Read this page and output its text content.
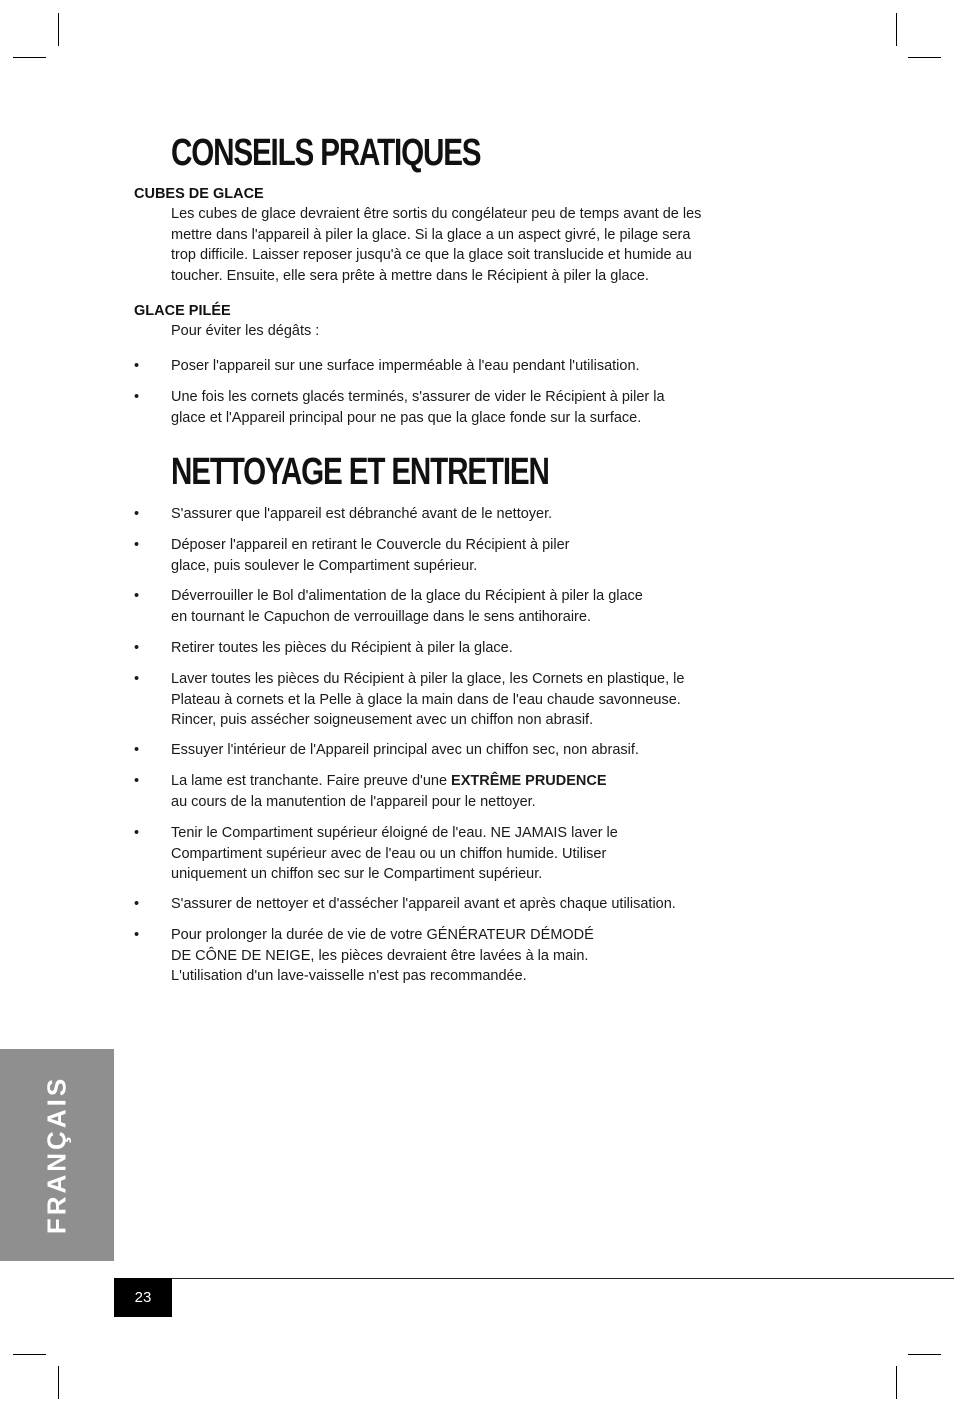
CONSEILS PRATIQUES
CUBES DE GLACE
Les cubes de glace devraient être sortis du congélateur peu de temps avant de les
mettre dans l'appareil à piler la glace. Si la glace a un aspect givré, le pilage sera
trop difficile. Laisser reposer jusqu'à ce que la glace soit translucide et humide au
toucher. Ensuite, elle sera prête à mettre dans le Récipient à piler la glace.
GLACE PILÉE
Pour éviter les dégâts :
•	Poser l'appareil sur une surface imperméable à l'eau pendant l'utilisation.
•	Une fois les cornets glacés terminés, s'assurer de vider le Récipient à piler la
glace et l'Appareil principal pour ne pas que la glace fonde sur la surface.
NETTOYAGE ET ENTRETIEN
•	S'assurer que l'appareil est débranché avant de le nettoyer.
•	Déposer l'appareil en retirant le Couvercle du Récipient à piler
glace, puis soulever le Compartiment supérieur.
•	Déverrouiller le Bol d'alimentation de la glace du Récipient à piler la glace
en tournant le Capuchon de verrouillage dans le sens antihoraire.
•	Retirer toutes les pièces du Récipient à piler la glace.
•	Laver toutes les pièces du Récipient à piler la glace, les Cornets en plastique, le
Plateau à cornets et la Pelle à glace la main dans de l'eau chaude savonneuse.
Rincer, puis assécher soigneusement avec un chiffon non abrasif.
•	Essuyer l'intérieur de l'Appareil principal avec un chiffon sec, non abrasif.
•	La lame est tranchante. Faire preuve d'une EXTRÊME PRUDENCE
au cours de la manutention de l'appareil pour le nettoyer.
•	Tenir le Compartiment supérieur éloigné de l'eau. NE JAMAIS laver le
Compartiment supérieur avec de l'eau ou un chiffon humide. Utiliser
uniquement un chiffon sec sur le Compartiment supérieur.
•	S'assurer de nettoyer et d'assécher l'appareil avant et après chaque utilisation.
•	Pour prolonger la durée de vie de votre GÉNÉRATEUR DÉMODÉ
DE CÔNE DE NEIGE, les pièces devraient être lavées à la main.
L'utilisation d'un lave-vaisselle n'est pas recommandée.
FRANÇAIS
23
